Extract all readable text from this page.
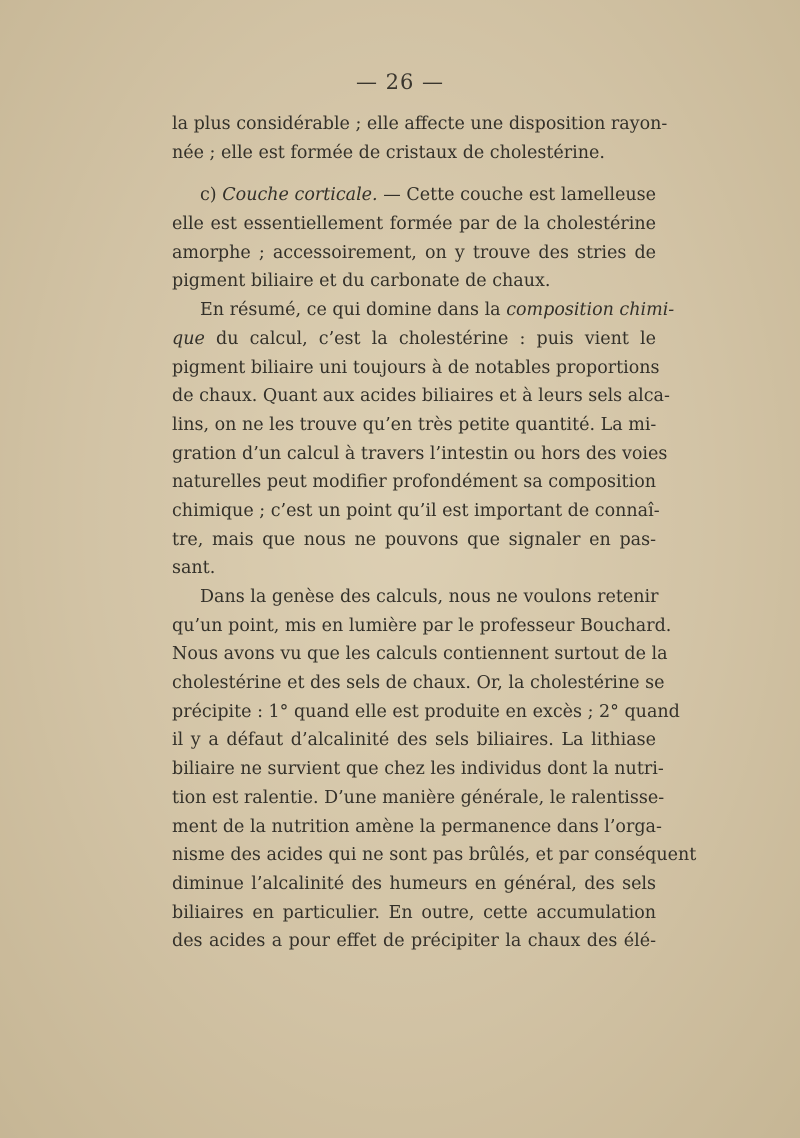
— 26 —
la plus considérable ; elle affecte une disposition rayon-
née ; elle est formée de cristaux de cholestérine.
c) Couche corticale. — Cette couche est lamelleuse
elle est essentiellement formée par de la cholestérine
amorphe ; accessoirement, on y trouve des stries de
pigment biliaire et du carbonate de chaux.
En résumé, ce qui domine dans la composition chimi-
que du calcul, c’est la cholestérine : puis vient le
pigment biliaire uni toujours à de notables proportions
de chaux. Quant aux acides biliaires et à leurs sels alca-
lins, on ne les trouve qu’en très petite quantité. La mi-
gration d’un calcul à travers l’intestin ou hors des voies
naturelles peut modifier profondément sa composition
chimique ; c’est un point qu’il est important de connaî-
tre, mais que nous ne pouvons que signaler en pas-
sant.
Dans la genèse des calculs, nous ne voulons retenir
qu’un point, mis en lumière par le professeur Bouchard.
Nous avons vu que les calculs contiennent surtout de la
cholestérine et des sels de chaux. Or, la cholestérine se
précipite : 1° quand elle est produite en excès ; 2° quand
il y a défaut d’alcalinité des sels biliaires. La lithiase
biliaire ne survient que chez les individus dont la nutri-
tion est ralentie. D’une manière générale, le ralentisse-
ment de la nutrition amène la permanence dans l’orga-
nisme des acides qui ne sont pas brûlés, et par conséquent
diminue l’alcalinité des humeurs en général, des sels
biliaires en particulier. En outre, cette accumulation
des acides a pour effet de précipiter la chaux des élé-
